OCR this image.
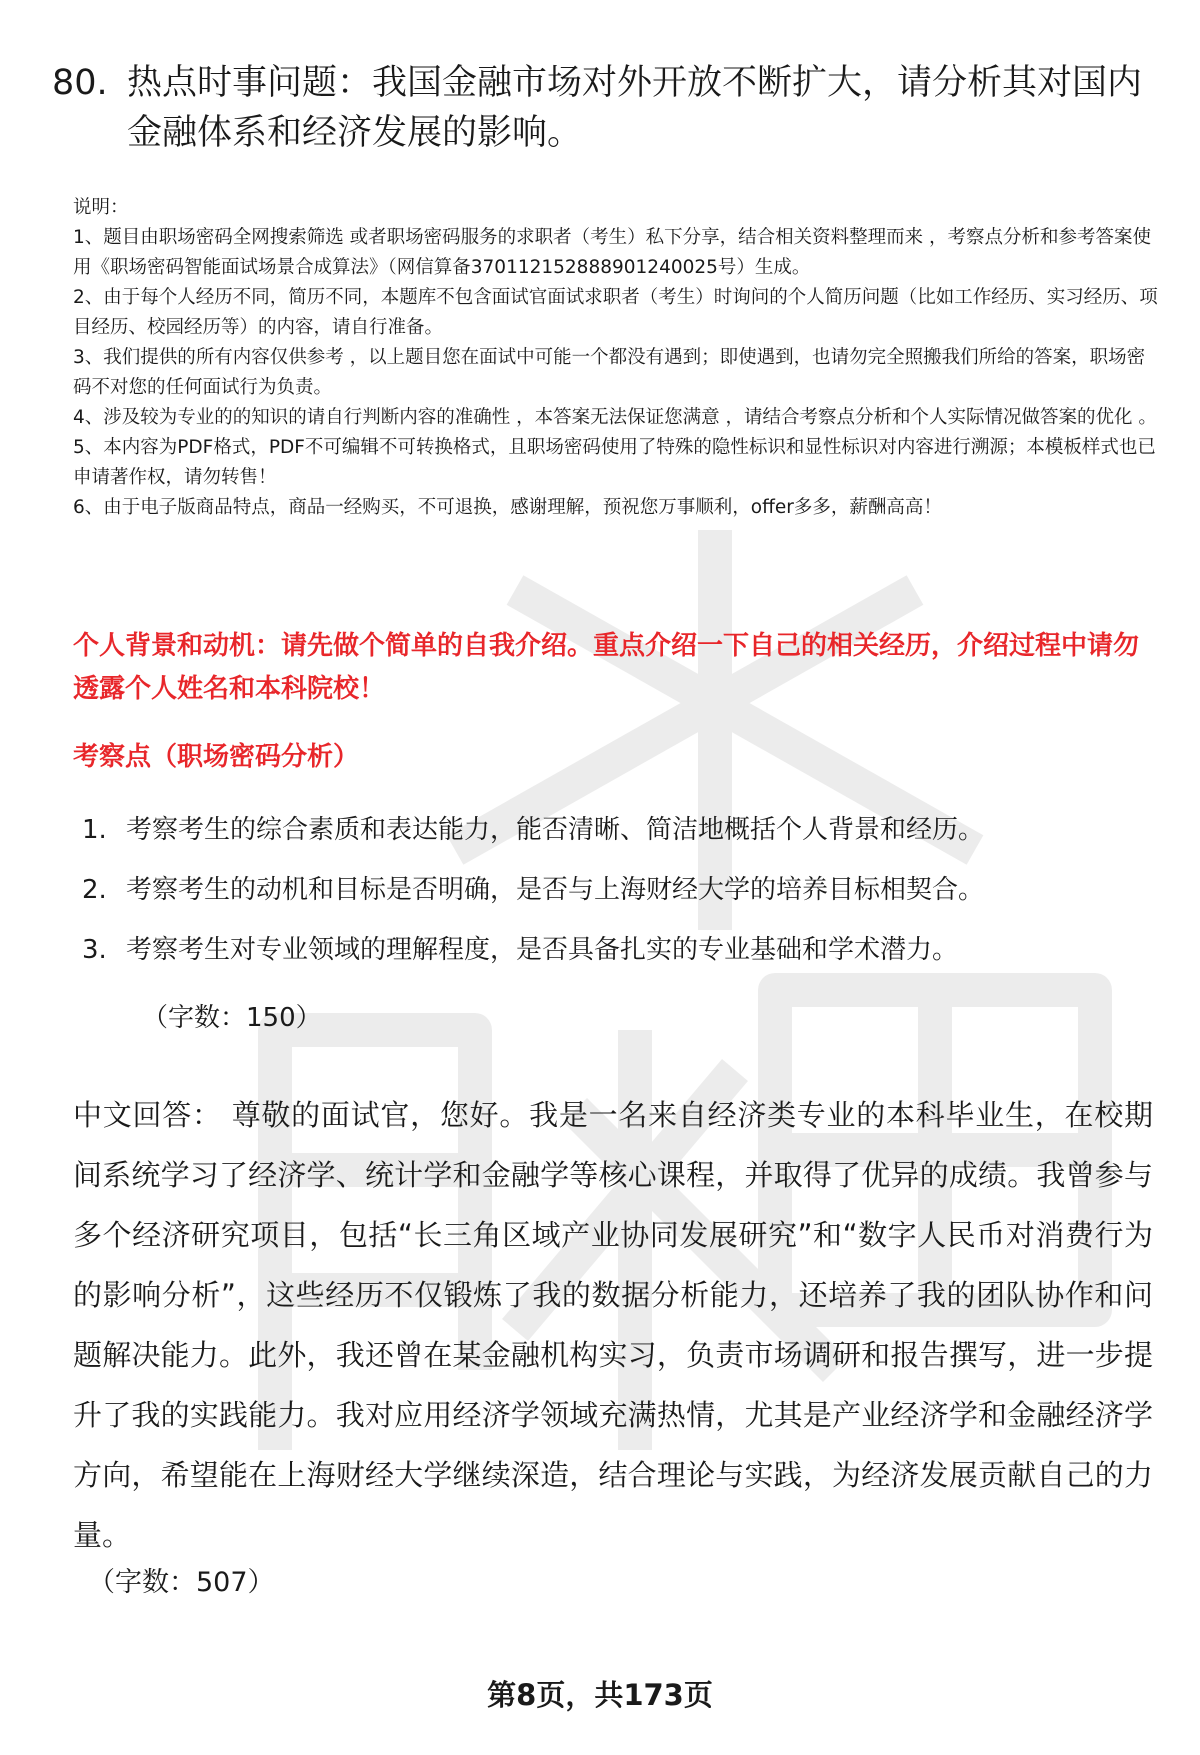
80. 热点时事问题：我国金融市场对外开放不断扩大，请分析其对国内金融体系和经济发展的影响。

说明：

1、题目由职场密码全网搜索筛选 或者职场密码服务的求职者（考生）私下分享，结合相关资料整理而来 ，考察点分析和参考答案使用《职场密码智能面试场景合成算法》（网信算备370112152888901240025号）生成。

2、由于每个人经历不同，简历不同，本题库不包含面试官面试求职者（考生）时询问的个人简历问题（比如工作经历、实习经历、项目经历、校园经历等）的内容，请自行准备。

3、我们提供的所有内容仅供参考 ，以上题目您在面试中可能一个都没有遇到；即使遇到，也请勿完全照搬我们所给的答案，职场密码不对您的任何面试行为负责。

4、涉及较为专业的的知识的请自行判断内容的准确性 ，本答案无法保证您满意 ，请结合考察点分析和个人实际情况做答案的优化 。

5、本内容为PDF格式，PDF不可编辑不可转换格式，且职场密码使用了特殊的隐性标识和显性标识对内容进行溯源；本模板样式也已申请著作权，请勿转售！

6、由于电子版商品特点，商品一经购买，不可退换，感谢理解，预祝您万事顺利，offer多多，薪酬高高！

个人背景和动机：请先做个简单的自我介绍。重点介绍一下自己的相关经历，介绍过程中请勿透露个人姓名和本科院校！
考察点（职场密码分析）
1. 考察考生的综合素质和表达能力，能否清晰、简洁地概括个人背景和经历。
2. 考察考生的动机和目标是否明确，是否与上海财经大学的培养目标相契合。
3. 考察考生对专业领域的理解程度，是否具备扎实的专业基础和学术潜力。
（字数：150）
中文回答： 尊敬的面试官，您好。我是一名来自经济类专业的本科毕业生，在校期间系统学习了经济学、统计学和金融学等核心课程，并取得了优异的成绩。我曾参与多个经济研究项目，包括“长三角区域产业协同发展研究”和“数字人民币对消费行为的影响分析”，这些经历不仅锻炼了我的数据分析能力，还培养了我的团队协作和问题解决能力。此外，我还曾在某金融机构实习，负责市场调研和报告撰写，进一步提升了我的实践能力。我对应用经济学领域充满热情，尤其是产业经济学和金融经济学方向，希望能在上海财经大学继续深造，结合理论与实践，为经济发展贡献自己的力量。
（字数：507）
第8页，共173页
